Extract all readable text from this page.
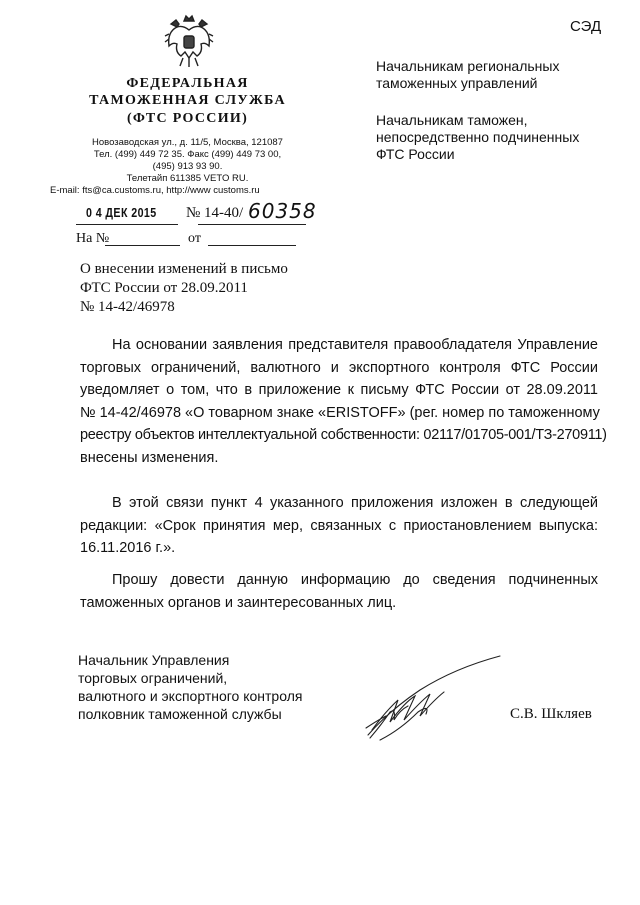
СЭД
ФЕДЕРАЛЬНАЯ
ТАМОЖЕННАЯ СЛУЖБА
(ФТС РОССИИ)
Новозаводская ул., д. 11/5, Москва, 121087
Тел. (499) 449 72 35. Факс (499) 449 73 00,
(495) 913 93 90.
Телетайп 611385 VETO RU.
E-mail: fts@ca.customs.ru, http://www customs.ru
0 4 ДЕК 2015 № 14-40/ 60358
На №	от
О внесении изменений в письмо
ФТС России от 28.09.2011
№ 14-42/46978
Начальникам региональных
таможенных управлений
Начальникам таможен,
непосредственно подчиненных
ФТС России
На основании заявления представителя правообладателя Управление
торговых ограничений, валютного и экспортного контроля ФТС России
уведомляет о том, что в приложение к письму ФТС России от 28.09.2011
№ 14-42/46978 «О товарном знаке «ERISTOFF» (рег. номер по таможенному
реестру объектов интеллектуальной собственности: 02117/01705-001/ТЗ-270911)
внесены изменения.
В этой связи пункт 4 указанного приложения изложен в следующей
редакции: «Срок принятия мер, связанных с приостановлением выпуска:
16.11.2016 г.».
Прошу довести данную информацию до сведения подчиненных
таможенных органов и заинтересованных лиц.
Начальник Управления
торговых ограничений,
валютного и экспортного контроля
полковник таможенной службы	С.В. Шкляев
